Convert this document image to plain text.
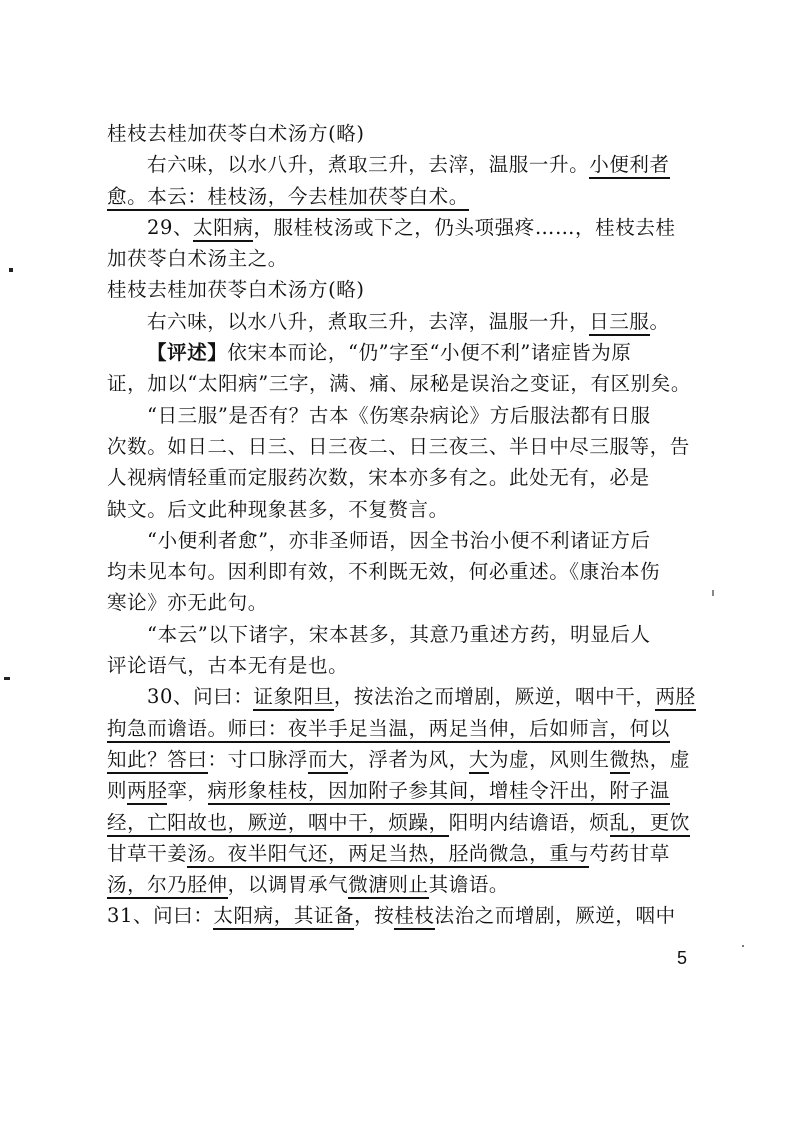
桂枝去桂加茯苓白术汤方(略)
右六味，以水八升，煮取三升，去滓，温服一升。小便利者
愈。本云：桂枝汤，今去桂加茯苓白术。
29、太阳病，服桂枝汤或下之，仍头项强疼……，桂枝去桂
加茯苓白术汤主之。
桂枝去桂加茯苓白术汤方(略)
右六味，以水八升，煮取三升，去滓，温服一升，日三服。
【评述】依宋本而论，“仍”字至“小便不利”诸症皆为原
证，加以“太阳病”三字，满、痛、尿秘是误治之变证，有区别矣。
“日三服”是否有？古本《伤寒杂病论》方后服法都有日服
次数。如日二、日三、日三夜二、日三夜三、半日中尽三服等，告
人视病情轻重而定服药次数，宋本亦多有之。此处无有，必是
缺文。后文此种现象甚多，不复赘言。
“小便利者愈”，亦非圣师语，因全书治小便不利诸证方后
均未见本句。因利即有效，不利既无效，何必重述。《康治本伤
寒论》亦无此句。
“本云”以下诸字，宋本甚多，其意乃重述方药，明显后人
评论语气，古本无有是也。
30、问曰：证象阳旦，按法治之而增剧，厥逆，咽中干，两胫
拘急而谵语。师曰：夜半手足当温，两足当伸，后如师言，何以
知此？答曰：寸口脉浮而大，浮者为风，大为虚，风则生微热，虚
则两胫挛，病形象桂枝，因加附子参其间，增桂令汗出，附子温
经，亡阳故也，厥逆，咽中干，烦躁，阳明内结谵语，烦乱，更饮
甘草干姜汤。夜半阳气还，两足当热，胫尚微急，重与芍药甘草
汤，尔乃胫伸，以调胃承气微溏则止其谵语。
31、问曰：太阳病，其证备，按桂枝法治之而增剧，厥逆，咽中
5
